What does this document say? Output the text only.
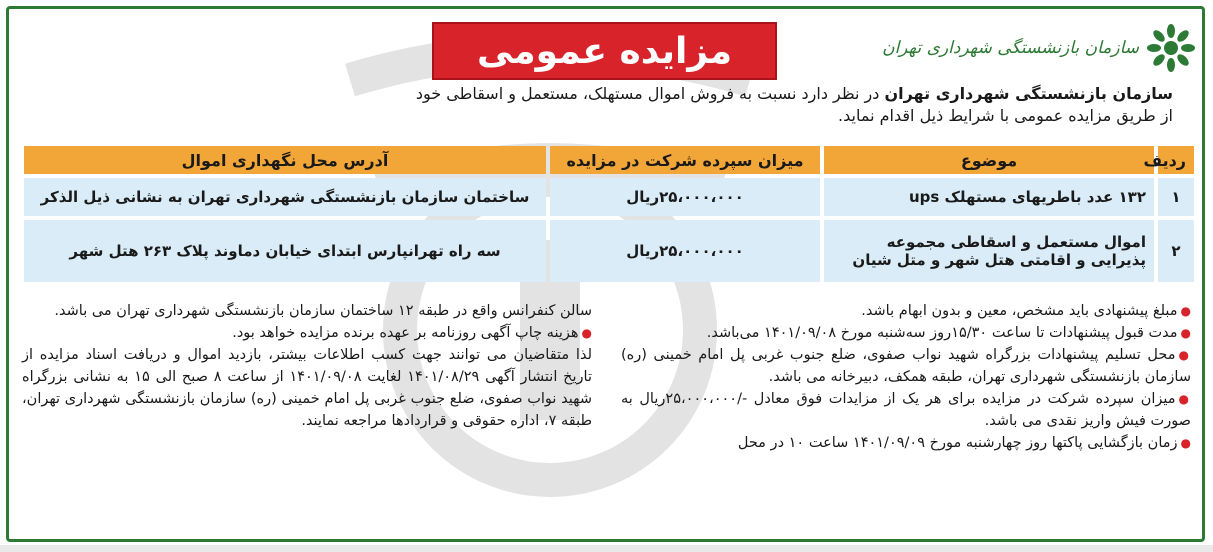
سازمان بازنشستگی شهرداری تهران
مزایده عمومی
سازمان بازنشستگی شهرداری تهران در نظر دارد نسبت به فروش اموال مستهلک، مستعمل و اسقاطی خود
از طریق مزایده عمومی با شرایط ذیل اقدام نماید.
ردیف	موضوع	میزان سپرده شرکت در مزایده	آدرس محل نگهداری اموال
۱	۱۳۲ عدد باطریهای مستهلک ups	۲۵،۰۰۰،۰۰۰ریال	ساختمان سازمان بازنشستگی شهرداری تهران به نشانی ذیل الذکر
۲	اموال مستعمل و اسقاطی مجموعه پذیرایی و اقامتی هتل شهر و متل شیان	۲۵،۰۰۰،۰۰۰ریال	سه راه تهرانپارس ابتدای خیابان دماوند پلاک ۲۶۳ هتل شهر

●مبلغ پیشنهادی باید مشخص، معین و بدون ابهام باشد.

●مدت قبول پیشنهادات تا ساعت ۱۵/۳۰روز سه‌شنبه مورخ ۱۴۰۱/۰۹/۰۸ می‌باشد.

●محل تسلیم پیشنهادات بزرگراه شهید نواب صفوی، ضلع جنوب غربی پل امام خمینی (ره) سازمان بازنشستگی شهرداری تهران، طبقه همکف، دبیرخانه می باشد.

●میزان سپرده شرکت در مزایده برای هر یک از مزایدات فوق معادل -/۲۵،۰۰۰،۰۰۰ریال به صورت فیش واریز نقدی می باشد.

●زمان بازگشایی پاکتها روز چهارشنبه مورخ ۱۴۰۱/۰۹/۰۹ ساعت ۱۰ در محل

سالن کنفرانس واقع در طبقه ۱۲ ساختمان سازمان بازنشستگی شهرداری تهران می باشد.

●هزینه چاپ آگهی روزنامه بر عهده برنده مزایده خواهد بود.

لذا متقاضیان می توانند جهت کسب اطلاعات بیشتر، بازدید اموال و دریافت اسناد مزایده از تاریخ انتشار آگهی ۱۴۰۱/۰۸/۲۹ لغایت ۱۴۰۱/۰۹/۰۸ از ساعت ۸ صبح الی ۱۵ به نشانی بزرگراه شهید نواب صفوی، ضلع جنوب غربی پل امام خمینی (ره) سازمان بازنشستگی شهرداری تهران، طبقه ۷، اداره حقوقی و قراردادها مراجعه نمایند.
